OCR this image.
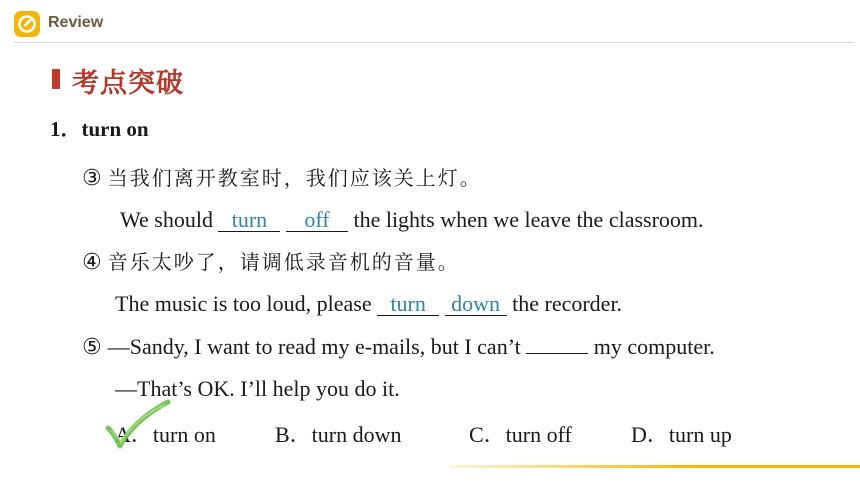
Review
考点突破
1．turn on
③ 当我们离开教室时，我们应该关上灯。
We should turn off the lights when we leave the classroom.
④ 音乐太吵了，请调低录音机的音量。
The music is too loud, please turn down the recorder.
⑤ —Sandy, I want to read my e-mails, but I can’t	my computer.
—That’s OK. I’ll help you do it.
A．turn on	B．turn down	C．turn off	D．turn up
